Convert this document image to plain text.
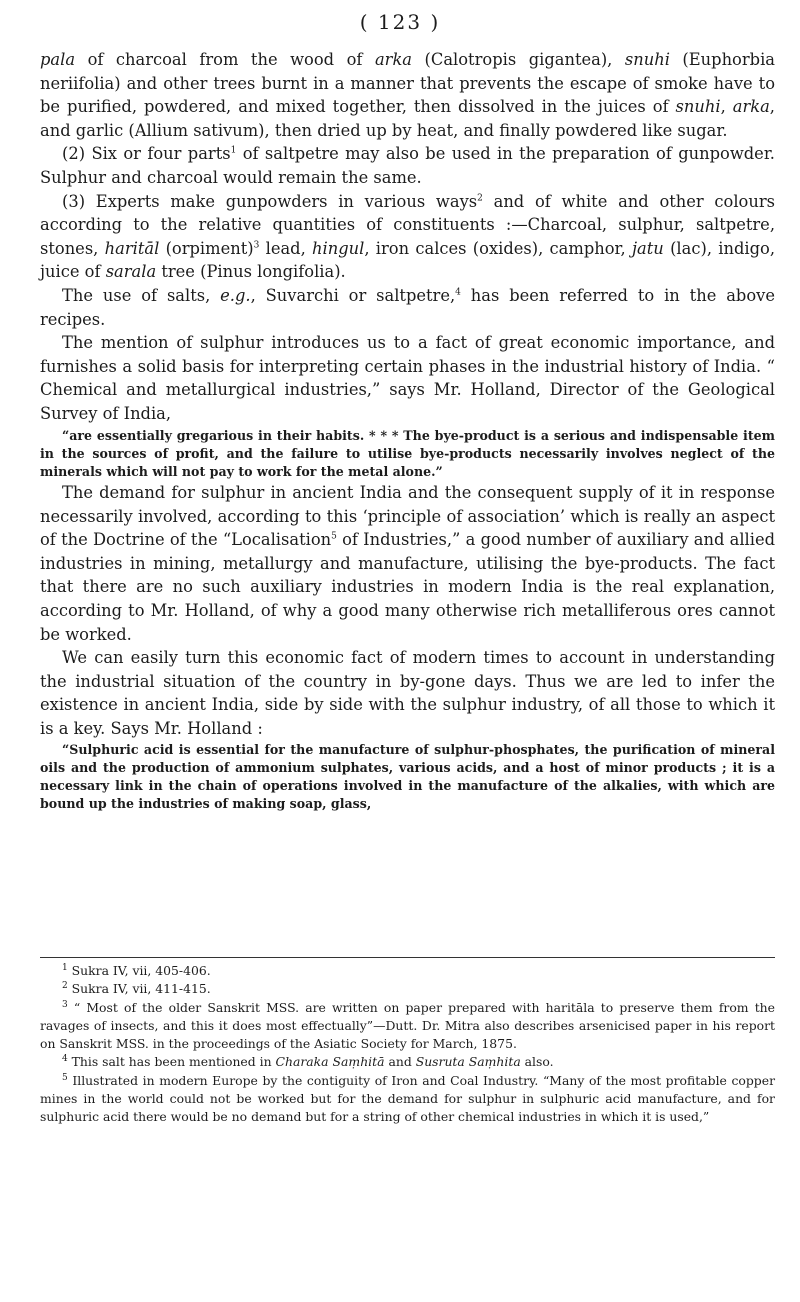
( 123 )

pala of charcoal from the wood of arka (Calotropis gigantea), snuhi (Euphorbia neriifolia) and other trees burnt in a manner that prevents the escape of smoke have to be purified, powdered, and mixed together, then dissolved in the juices of snuhi, arka, and garlic (Allium sativum), then dried up by heat, and finally powdered like sugar.

(2) Six or four parts$^1$ of saltpetre may also be used in the preparation of gunpowder. Sulphur and charcoal would remain the same.

(3) Experts make gunpowders in various ways$^2$ and of white and other colours according to the relative quantities of constituents :—Charcoal, sulphur, saltpetre, stones, haritāl (orpiment)$^3$ lead, hingul, iron calces (oxides), camphor, jatu (lac), indigo, juice of sarala tree (Pinus longifolia).

The use of salts, e.g., Suvarchi or saltpetre,$^4$ has been referred to in the above recipes.

The mention of sulphur introduces us to a fact of great economic importance, and furnishes a solid basis for interpreting certain phases in the industrial history of India. “ Chemical and metallurgical industries,” says Mr. Holland, Director of the Geological Survey of India,

“are essentially gregarious in their habits. * * * The bye-product is a serious and indispensable item in the sources of profit, and the failure to utilise bye-products necessarily involves neglect of the minerals which will not pay to work for the metal alone.”

The demand for sulphur in ancient India and the consequent supply of it in response necessarily involved, according to this ‘principle of association’ which is really an aspect of the Doctrine of the “Localisation$^5$ of Industries,” a good number of auxiliary and allied industries in mining, metallurgy and manufacture, utilising the bye-products. The fact that there are no such auxiliary industries in modern India is the real explanation, according to Mr. Holland, of why a good many otherwise rich metalliferous ores cannot be worked.

We can easily turn this economic fact of modern times to account in understanding the industrial situation of the country in by-gone days. Thus we are led to infer the existence in ancient India, side by side with the sulphur industry, of all those to which it is a key. Says Mr. Holland :

“Sulphuric acid is essential for the manufacture of sulphur-phosphates, the purification of mineral oils and the production of ammonium sulphates, various acids, and a host of minor products ; it is a necessary link in the chain of operations involved in the manufacture of the alkalies, with which are bound up the industries of making soap, glass,

$^1$ Sukra IV, vii, 405-406.

$^2$ Sukra IV, vii, 411-415.

$^3$ “ Most of the older Sanskrit MSS. are written on paper prepared with haritāla to preserve them from the ravages of insects, and this it does most effectually”—Dutt. Dr. Mitra also describes arsenicised paper in his report on Sanskrit MSS. in the proceedings of the Asiatic Society for March, 1875.

$^4$ This salt has been mentioned in Charaka Saṃhitā and Susruta Saṃhita also.

$^5$ Illustrated in modern Europe by the contiguity of Iron and Coal Industry. “Many of the most profitable copper mines in the world could not be worked but for the demand for sulphur in sulphuric acid manufacture, and for sulphuric acid there would be no demand but for a string of other chemical industries in which it is used,”
